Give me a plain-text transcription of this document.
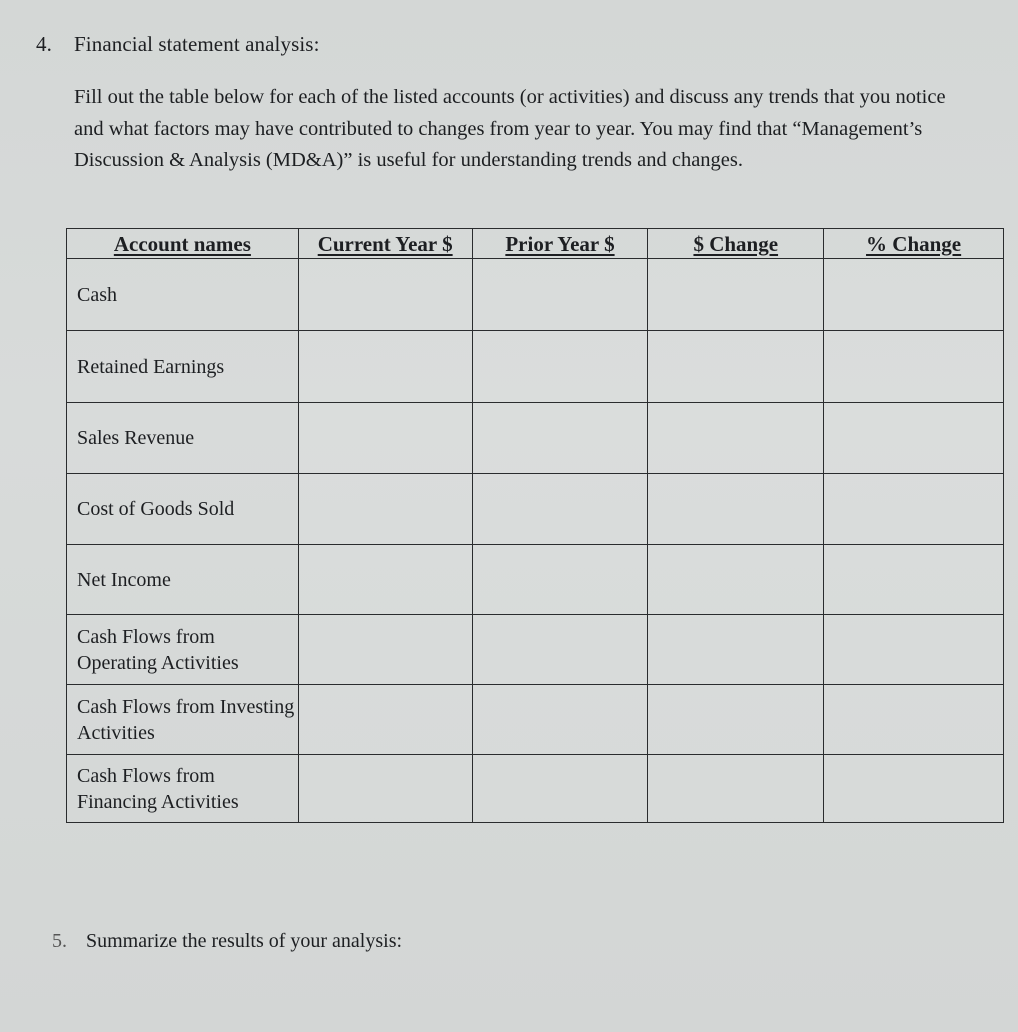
4. Financial statement analysis:
Fill out the table below for each of the listed accounts (or activities) and discuss any trends that you notice and what factors may have contributed to changes from year to year. You may find that “Management’s Discussion & Analysis (MD&A)” is useful for understanding trends and changes.
Account names	Current Year $	Prior Year $	$ Change	% Change
Cash				
Retained Earnings				
Sales Revenue				
Cost of Goods Sold				
Net Income				
Cash Flows from Operating Activities				
Cash Flows from Investing Activities				
Cash Flows from Financing Activities				
5. Summarize the results of your analysis:
